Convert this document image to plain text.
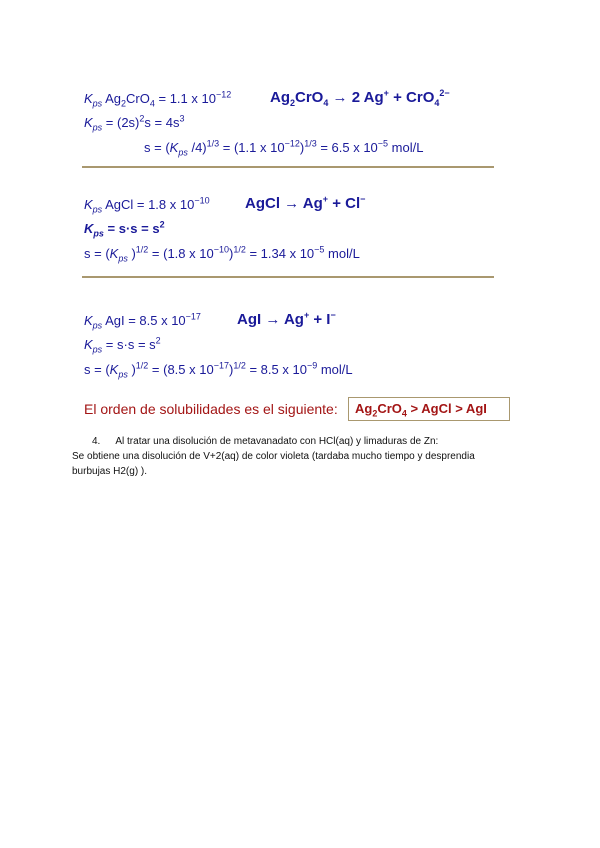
$K_{ps}$ $Ag_2CrO_4 = 1.1$ x $10^{-12}$	$Ag_2CrO_4 \to 2$ Ag+ + CrO$_4^{2-}$
$K_{ps} = (2s)^2s = 4s^3$
$s = (K_{ps}$ /4)$^{1/3}$ = (1.1 x $10^{-12})^{1/3} = 6.5$ x $10^{-5}$ mol/L
$K_{ps}$ AgCl = 1.8 x $10^{-10}$ AgCl → Ag+ + Cl−
$K_{ps} = s\cdot s = s^2$
$s = (K_{ps}$ )$^{1/2}$ = (1.8 x $10^{-10})^{1/2} = 1.34$ x $10^{-5}$ mol/L
$K_{ps}$ AgI = 8.5 x $10^{-17}$ AgI → Ag+ + I−
$K_{ps} = s\cdot s = s^2$
$s = (K_{ps}$ )$^{1/2}$ = (8.5 x $10^{-17})^{1/2} = 8.5$ x $10^{-9}$ mol/L
El orden de solubilidades es el siguiente:	$Ag_2CrO_4$ > AgCl > AgI
4. Al tratar una disolución de metavanadato con HCl(aq) y limaduras de Zn:
Se obtiene una disolución de V+2(aq) de color violeta (tardaba mucho tiempo y desprendia
burbujas H2(g) ).
